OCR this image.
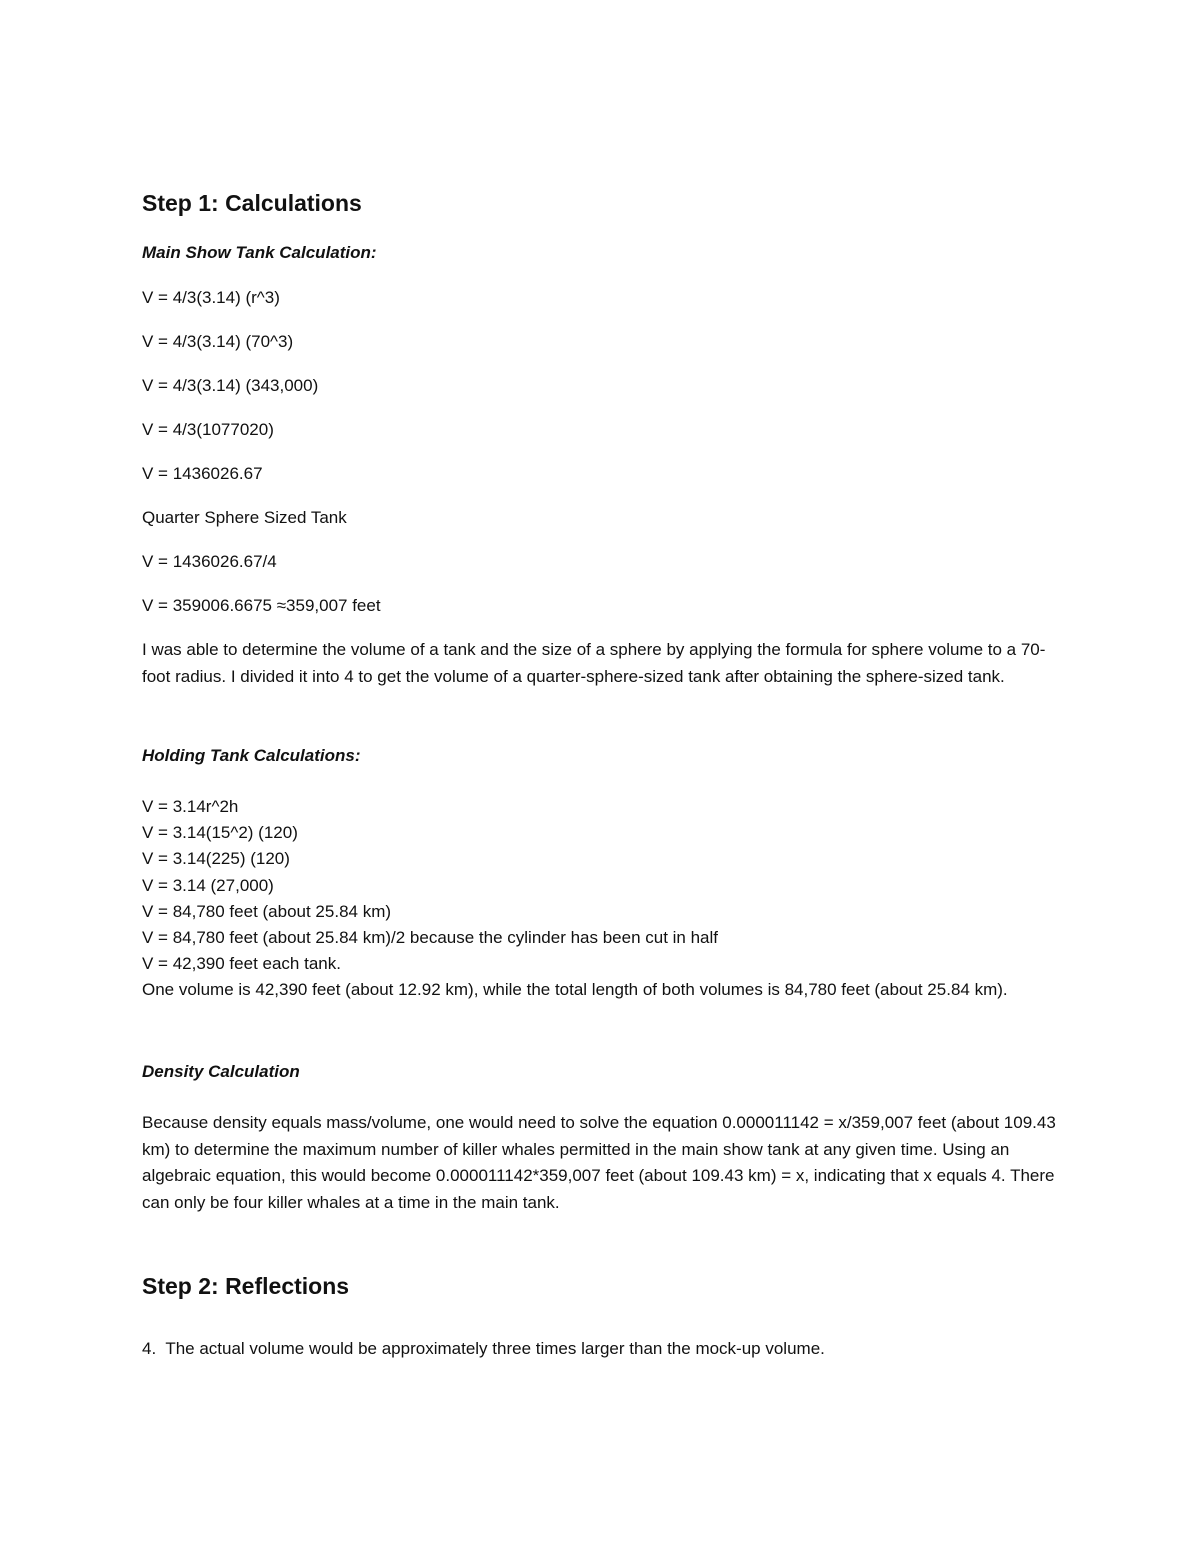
Step 1: Calculations

Main Show Tank Calculation:

V = 4/3(3.14) (r^3)

V = 4/3(3.14) (70^3)

V = 4/3(3.14) (343,000)

V = 4/3(1077020)

V = 1436026.67

Quarter Sphere Sized Tank

V = 1436026.67/4

V = 359006.6675 ≈359,007 feet

I was able to determine the volume of a tank and the size of a sphere by applying the formula for sphere volume to a 70-foot radius. I divided it into 4 to get the volume of a quarter-sphere-sized tank after obtaining the sphere-sized tank.

Holding Tank Calculations:

V = 3.14r^2h
V = 3.14(15^2) (120)
V = 3.14(225) (120)
V = 3.14 (27,000)
V = 84,780 feet (about 25.84 km)
V = 84,780 feet (about 25.84 km)/2 because the cylinder has been cut in half
V = 42,390 feet each tank.

One volume is 42,390 feet (about 12.92 km), while the total length of both volumes is 84,780 feet (about 25.84 km).

Density Calculation

Because density equals mass/volume, one would need to solve the equation 0.000011142 = x/359,007 feet (about 109.43 km) to determine the maximum number of killer whales permitted in the main show tank at any given time. Using an algebraic equation, this would become 0.000011142*359,007 feet (about 109.43 km) = x, indicating that x equals 4. There can only be four killer whales at a time in the main tank.

Step 2: Reflections

4. The actual volume would be approximately three times larger than the mock-up volume.
